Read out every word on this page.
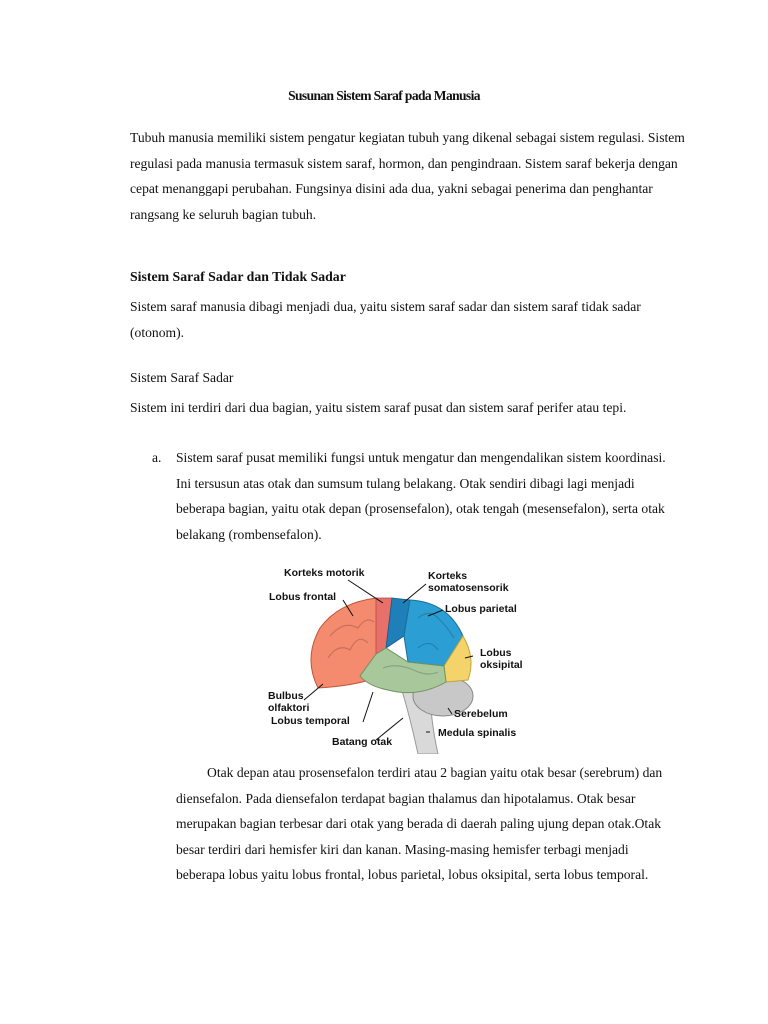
Susunan Sistem Saraf pada Manusia
Tubuh manusia memiliki sistem pengatur kegiatan tubuh yang dikenal sebagai sistem regulasi. Sistem regulasi pada manusia termasuk sistem saraf, hormon, dan pengindraan. Sistem saraf bekerja dengan cepat menanggapi perubahan. Fungsinya disini ada dua, yakni sebagai penerima dan penghantar rangsang ke seluruh bagian tubuh.
Sistem Saraf Sadar dan Tidak Sadar
Sistem saraf manusia dibagi menjadi dua, yaitu sistem saraf sadar dan sistem saraf tidak sadar (otonom).
Sistem Saraf Sadar
Sistem ini terdiri dari dua bagian, yaitu sistem saraf pusat dan sistem saraf perifer atau tepi.
a. Sistem saraf pusat memiliki fungsi untuk mengatur dan mengendalikan sistem koordinasi. Ini tersusun atas otak dan sumsum tulang belakang. Otak sendiri dibagi lagi menjadi beberapa bagian, yaitu otak depan (prosensefalon), otak tengah (mesensefalon), serta otak belakang (rombensefalon).
Korteks motorik	Korteks
somatosensorik
Lobus frontal
Lobus parietal
Lobus
oksipital
Bulbus
olfaktori
Lobus temporal
Serebelum
Batang otak
Medula spinalis
Otak depan atau prosensefalon terdiri atau 2 bagian yaitu otak besar (serebrum) dan diensefalon. Pada diensefalon terdapat bagian thalamus dan hipotalamus. Otak besar merupakan bagian terbesar dari otak yang berada di daerah paling ujung depan otak.Otak besar terdiri dari hemisfer kiri dan kanan. Masing-masing hemisfer terbagi menjadi beberapa lobus yaitu lobus frontal, lobus parietal, lobus oksipital, serta lobus temporal.
